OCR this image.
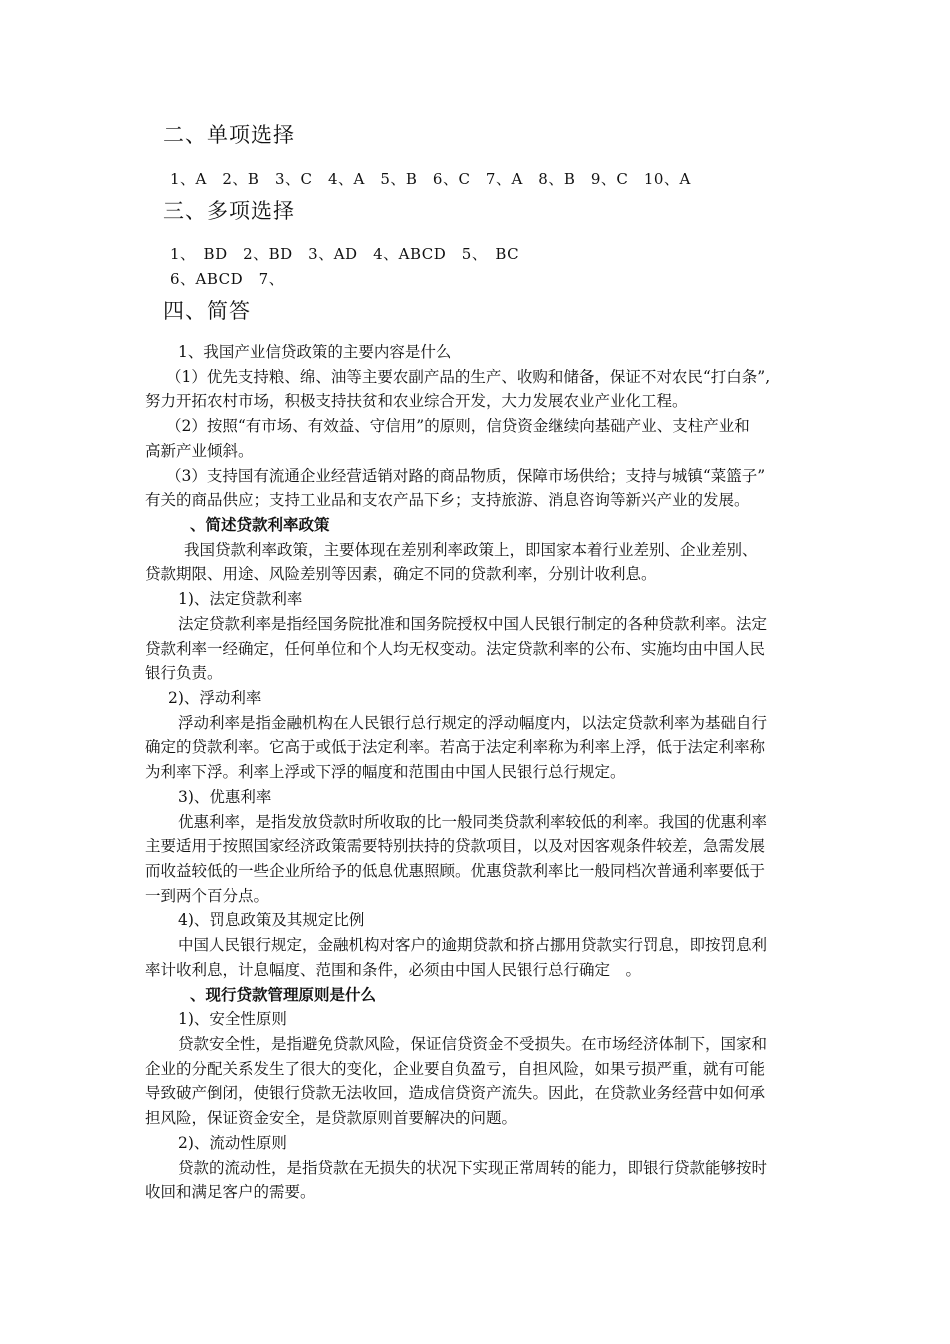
二、单项选择
1、A　2、B　3、C　4、A　5、B　6、C　7、A　8、B　9、C　10、A
三、多项选择
1、　BD　2、BD　3、AD　4、ABCD　5、　BC
6、ABCD　7、
四、简答
1、我国产业信贷政策的主要内容是什么
（1）优先支持粮、绵、油等主要农副产品的生产、收购和储备，保证不对农民“打白条”,
努力开拓农村市场，积极支持扶贫和农业综合开发，大力发展农业产业化工程。
（2）按照“有市场、有效益、守信用”的原则，信贷资金继续向基础产业、支柱产业和
高新产业倾斜。
（3）支持国有流通企业经营适销对路的商品物质，保障市场供给；支持与城镇“菜篮子”
有关的商品供应；支持工业品和支农产品下乡；支持旅游、消息咨询等新兴产业的发展。
、简述贷款利率政策
我国贷款利率政策，主要体现在差别利率政策上，即国家本着行业差别、企业差别、
贷款期限、用途、风险差别等因素，确定不同的贷款利率，分别计收利息。
1)、法定贷款利率
法定贷款利率是指经国务院批准和国务院授权中国人民银行制定的各种贷款利率。法定
贷款利率一经确定，任何单位和个人均无权变动。法定贷款利率的公布、实施均由中国人民
银行负责。
2)、浮动利率
浮动利率是指金融机构在人民银行总行规定的浮动幅度内，以法定贷款利率为基础自行
确定的贷款利率。它高于或低于法定利率。若高于法定利率称为利率上浮，低于法定利率称
为利率下浮。利率上浮或下浮的幅度和范围由中国人民银行总行规定。
3)、优惠利率
优惠利率，是指发放贷款时所收取的比一般同类贷款利率较低的利率。我国的优惠利率
主要适用于按照国家经济政策需要特别扶持的贷款项目，以及对因客观条件较差，急需发展
而收益较低的一些企业所给予的低息优惠照顾。优惠贷款利率比一般同档次普通利率要低于
一到两个百分点。
4)、罚息政策及其规定比例
中国人民银行规定，金融机构对客户的逾期贷款和挤占挪用贷款实行罚息，即按罚息利
率计收利息，计息幅度、范围和条件，必须由中国人民银行总行确定　。
、现行贷款管理原则是什么
1)、安全性原则
贷款安全性，是指避免贷款风险，保证信贷资金不受损失。在市场经济体制下，国家和
企业的分配关系发生了很大的变化，企业要自负盈亏，自担风险，如果亏损严重，就有可能
导致破产倒闭，使银行贷款无法收回，造成信贷资产流失。因此，在贷款业务经营中如何承
担风险，保证资金安全，是贷款原则首要解决的问题。
2)、流动性原则
贷款的流动性，是指贷款在无损失的状况下实现正常周转的能力，即银行贷款能够按时
收回和满足客户的需要。
